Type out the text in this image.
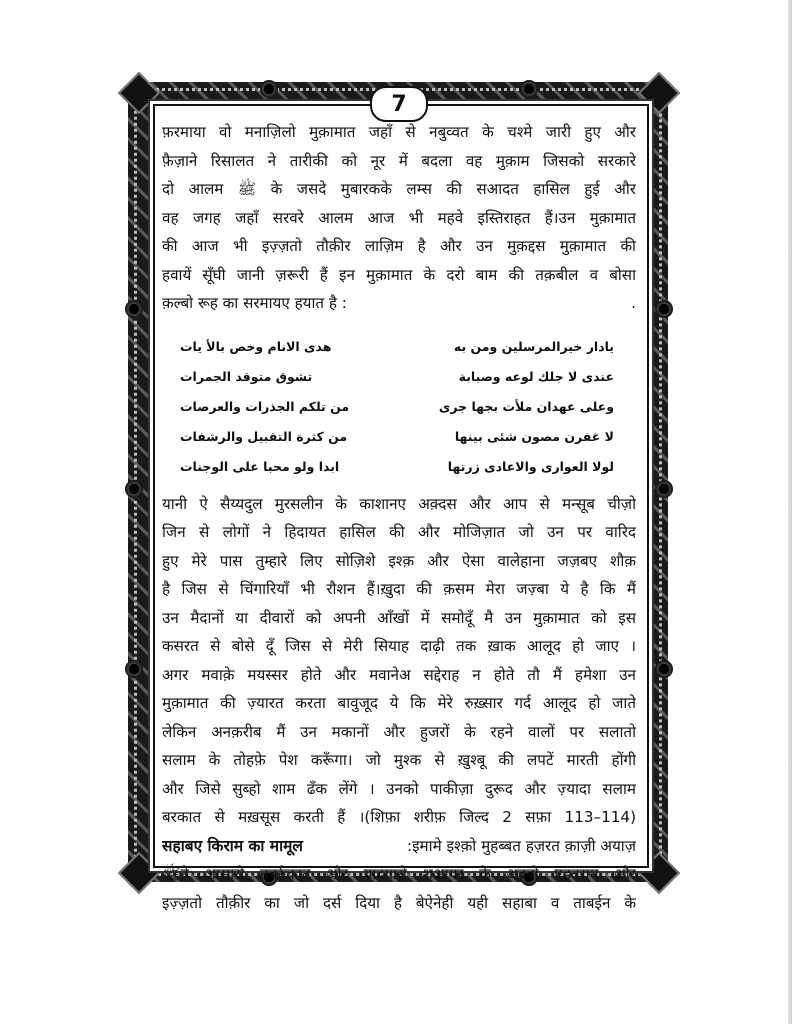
7

फ़रमाया वो मनाज़िलो मुक़ामात जहाँ से नबुव्वत के चश्मे जारी हुए और
फ़ैज़ाने रिसालत ने तारीकी को नूर में बदला वह मुक़ाम जिसको सरकारे
दो आलम ﷺ के जसदे मुबारकके लम्स की सआदत हासिल हुई और
वह जगह जहाँ सरवरे आलम आज भी महवे इस्तिराहत हैं।उन मुक़ामात
की आज भी इज़्ज़तो तौक़ीर लाज़िम है और उन मुक़द्दस मुक़ामात की
हवायें सूँघी जानी ज़रूरी हैं इन मुक़ामात के दरो बाम की तक़बील व बोसा
क़ल्बो रूह का सरमायए हयात है :	.

يادار خيرالمرسلين ومن به
هدى الانام وخص بالأ يات
عندى لا جلك لوعه وصبابة
تشوق متوقد الجمرات
وعلى عهدان ملأت بجها جرى
من تلكم الجذرات والعرصات
لا غفرن مصون شئى بينها
من كثرة التقبيل والرشفات
لولا العوارى والاعادى زرتها
ابدا ولو محبا على الوجنات

यानी ऐ सैय्यदुल मुरसलीन के काशानए अक़्दस और आप से मन्सूब चीज़ो
जिन से लोगों ने हिदायत हासिल की और मोजिज़ात जो उन पर वारिद
हुए मेरे पास तुम्हारे लिए सोज़िशे इश्क़ और ऐसा वालेहाना जज़बए शौक़
है जिस से चिंगारियाँ भी रौशन हैं।ख़ुदा की क़सम मेरा जज़्बा ये है कि मैं
उन मैदानों या दीवारों को अपनी आँखों में समोदूँ मै उन मुक़ामात को इस
कसरत से बोसे दूँ जिस से मेरी सियाह दाढ़ी तक ख़ाक आलूद हो जाए ।
अगर मवाक़े मयस्सर होते और मवानेअ सद्देराह न होते तौ मैं हमेशा उन
मुक़ामात की ज़्यारत करता बावुजूद ये कि मेरे रुख़्सार गर्द आलूद हो जाते
लेकिन अनक़रीब मैं उन मकानों और हुजरों के रहने वालों पर सलातो
सलाम के तोहफ़े पेश करूँगा। जो मुश्क से ख़ुश्बू की लपटें मारती होंगी
और जिसे सुब्हो शाम ढँक लेंगे । उनको पाकीज़ा दुरूद और ज़्यादा सलाम
बरकात से मख़सूस करती हैं ।(शिफ़ा शरीफ़ जिल्द 2 सफ़ा 113–114)

सहाबए किराम का मामूल	:इमामे इश्क़ो मुहब्बत हज़रत क़ाज़ी अयाज़
ﷺने आसारो तबर्रुकात और यादगारो शआयर के अदबो एहतराम और
इज़्ज़तो तौक़ीर का जो दर्स दिया है बेऐनेही यही सहाबा व ताबईन के
